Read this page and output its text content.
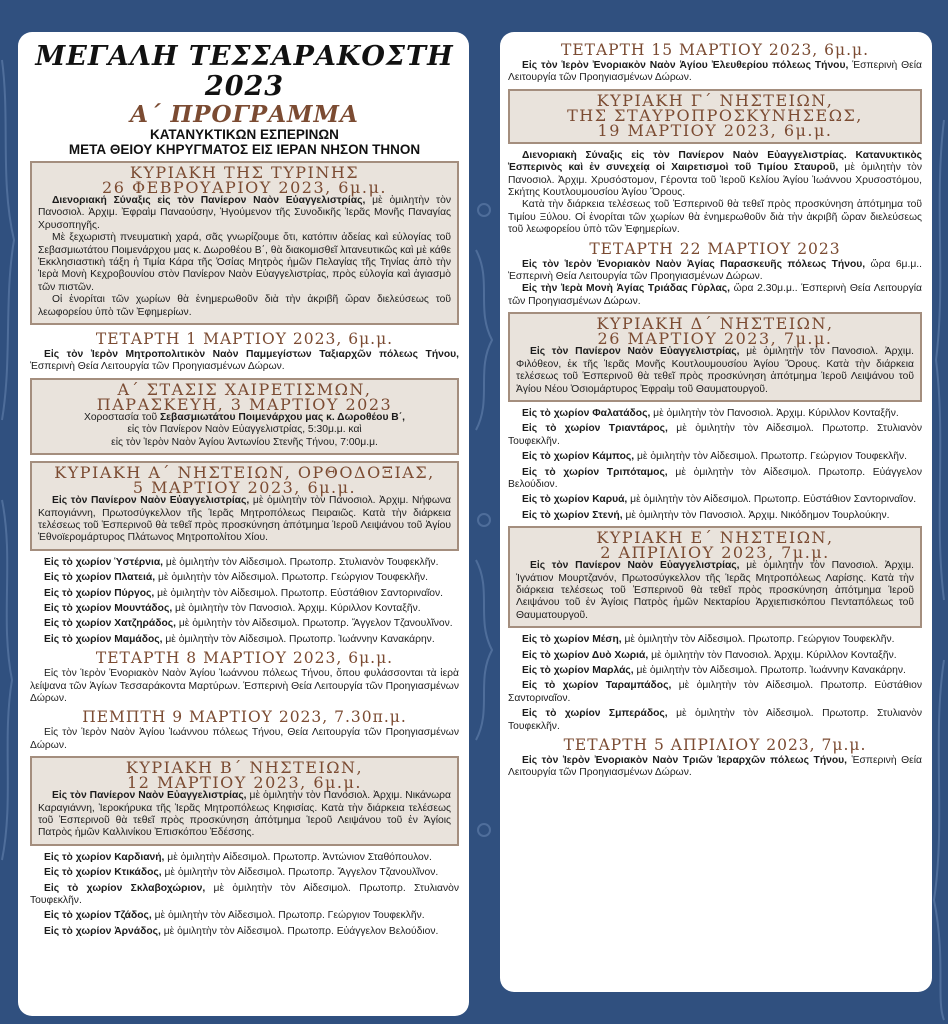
ΜΕΓΑΛΗ ΤΕΣΣΑΡΑΚΟΣΤΗ 2023
Α΄ ΠΡΟΓΡΑΜΜΑ
ΚΑΤΑΝΥΚΤΙΚΩΝ ΕΣΠΕΡΙΝΩΝ
ΜΕΤΑ ΘΕΙΟΥ ΚΗΡΥΓΜΑΤΟΣ ΕΙΣ ΙΕΡΑΝ ΝΗΣΟΝ ΤΗΝΟΝ
ΚΥΡΙΑΚΗ ΤΗΣ ΤΥΡΙΝΗΣ
26 ΦΕΒΡΟΥΑΡΙΟΥ 2023, 6μ.μ.

Διενοριακή Σύναξις εἰς τὸν Πανίερον Ναὸν Εὐαγγελιστρίας, μὲ ὁμιλητὴν τὸν Πανοσιολ. Ἀρχιμ. Ἐφραὶμ Παναούσην, Ἡγούμενον τῆς Συνοδικῆς Ἱερᾶς Μονῆς Παναγίας Χρυσοπηγῆς.

Μὲ ξεχωριστὴ πνευματικὴ χαρά, σᾶς γνωρίζουμε ὅτι, κατόπιν ἀδείας καὶ εὐλογίας τοῦ Σεβασμιωτάτου Ποιμενάρχου μας κ. Δωροθέου Β΄, θὰ διακομισθεῖ λιτανευτικῶς καὶ μὲ κάθε Ἐκκλησιαστικὴ τάξη ἡ Τιμία Κάρα τῆς Ὁσίας Μητρὸς ἡμῶν Πελαγίας τῆς Τηνίας ἀπὸ τὴν Ἱερὰ Μονὴ Κεχροβουνίου στὸν Πανίερον Ναὸν Εὐαγγελιστρίας, πρὸς εὐλογία καὶ ἁγιασμὸ τῶν πιστῶν.

Οἱ ἐνορίται τῶν χωρίων θὰ ἐνημερωθοῦν διὰ τὴν ἀκριβῆ ὥραν διελεύσεως τοῦ λεωφορείου ὑπὸ τῶν Ἐφημερίων.

ΤΕΤΑΡΤΗ 1 ΜΑΡΤΙΟΥ 2023, 6μ.μ.

Εἰς τὸν Ἱερὸν Μητροπολιτικὸν Ναὸν Παμμεγίστων Ταξιαρχῶν πόλεως Τήνου, Ἑσπερινὴ Θεία Λειτουργία τῶν Προηγιασμένων Δώρων.

Α΄ ΣΤΑΣΙΣ ΧΑΙΡΕΤΙΣΜΩΝ,
ΠΑΡΑΣΚΕΥΗ, 3 ΜΑΡΤΙΟΥ 2023

Χοροστασία τοῦ Σεβασμιωτάτου Ποιμενάρχου μας κ. Δωροθέου Β΄,

εἰς τὸν Πανίερον Ναὸν Εὐαγγελιστρίας, 5:30μ.μ. καὶ

εἰς τὸν Ἱερὸν Ναὸν Ἁγίου Ἀντωνίου Στενῆς Τήνου, 7:00μ.μ.

ΚΥΡΙΑΚΗ Α΄ ΝΗΣΤΕΙΩΝ, ΟΡΘΟΔΟΞΙΑΣ,
5 ΜΑΡΤΙΟΥ 2023, 6μ.μ.

Εἰς τὸν Πανίερον Ναὸν Εὐαγγελιστρίας, μὲ ὁμιλητὴν τὸν Πανοσιολ. Ἀρχιμ. Νήφωνα Καπογιάννη, Πρωτοσύγκελλον τῆς Ἱερᾶς Μητροπόλεως Πειραιῶς. Κατὰ τὴν διάρκεια τελέσεως τοῦ Ἑσπερινοῦ θὰ τεθεῖ πρὸς προσκύνηση ἀπότμημα Ἱεροῦ Λειψάνου τοῦ Ἁγίου Ἐθνοϊερομάρτυρος Πλάτωνος Μητροπολίτου Χίου.

Εἰς τὸ χωρίον Ὑστέρνια, μὲ ὁμιλητὴν τὸν Αἰδεσιμολ. Πρωτοπρ. Στυλιανὸν Τουφεκλῆν.

Εἰς τὸ χωρίον Πλατειά, μὲ ὁμιλητὴν τὸν Αἰδεσιμολ. Πρωτοπρ. Γεώργιον Τουφεκλῆν.

Εἰς τὸ χωρίον Πύργος, μὲ ὁμιλητὴν τὸν Αἰδεσιμολ. Πρωτοπρ. Εὐστάθιον Σαντοριναῖον.

Εἰς τὸ χωρίον Μουντάδος, μὲ ὁμιλητὴν τὸν Πανοσιολ. Ἀρχιμ. Κύριλλον Κονταξῆν.

Εἰς τὸ χωρίον Χατζηράδος, μὲ ὁμιλητὴν τὸν Αἰδεσιμολ. Πρωτοπρ. Ἄγγελον Τζανουλῖνον.

Εἰς τὸ χωρίον Μαμάδος, μὲ ὁμιλητὴν τὸν Αἰδεσιμολ. Πρωτοπρ. Ἰωάννην Κανακάρην.

ΤΕΤΑΡΤΗ 8 ΜΑΡΤΙΟΥ 2023, 6μ.μ.

Εἰς τὸν Ἱερὸν Ἐνοριακὸν Ναὸν Ἁγίου Ἰωάννου πόλεως Τήνου, ὅπου φυλάσσονται τὰ ἱερὰ λείψανα τῶν Ἁγίων Τεσσαράκοντα Μαρτύρων. Ἑσπερινὴ Θεία Λειτουργία τῶν Προηγιασμένων Δώρων.

ΠΕΜΠΤΗ 9 ΜΑΡΤΙΟΥ 2023, 7.30π.μ.

Εἰς τὸν Ἱερὸν Ναὸν Ἁγίου Ἰωάννου πόλεως Τήνου, Θεία Λειτουργία τῶν Προηγιασμένων Δώρων.

ΚΥΡΙΑΚΗ Β΄ ΝΗΣΤΕΙΩΝ,
12 ΜΑΡΤΙΟΥ 2023, 6μ.μ.

Εἰς τὸν Πανίερον Ναὸν Εὐαγγελιστρίας, μὲ ὁμιλητὴν τὸν Πανοσιολ. Ἀρχιμ. Νικάνωρα Καραγιάννη, Ἱεροκήρυκα τῆς Ἱερᾶς Μητροπόλεως Κηφισίας. Κατὰ τὴν διάρκεια τελέσεως τοῦ Ἑσπερινοῦ θὰ τεθεῖ πρὸς προσκύνηση ἀπότμημα Ἱεροῦ Λειψάνου τοῦ ἐν Ἁγίοις Πατρὸς ἡμῶν Καλλινίκου Ἐπισκόπου Ἐδέσσης.

Εἰς τὸ χωρίον Καρδιανή, μὲ ὁμιλητὴν Αἰδεσιμολ. Πρωτοπρ. Ἀντώνιον Σταθόπουλον.

Εἰς τὸ χωρίον Κτικάδος, μὲ ὁμιλητὴν τὸν Αἰδεσιμολ. Πρωτοπρ. Ἄγγελον Τζανουλῖνον.

Εἰς τὸ χωρίον Σκλαβοχώριον, μὲ ὁμιλητὴν τὸν Αἰδεσιμολ. Πρωτοπρ. Στυλιανὸν Τουφεκλῆν.

Εἰς τὸ χωρίον Τζάδος, μὲ ὁμιλητὴν τὸν Αἰδεσιμολ. Πρωτοπρ. Γεώργιον Τουφεκλῆν.

Εἰς τὸ χωρίον Ἀρνάδος, μὲ ὁμιλητὴν τὸν Αἰδεσιμολ. Πρωτοπρ. Εὐάγγελον Βελούδιον.

ΤΕΤΑΡΤΗ 15 ΜΑΡΤΙΟΥ 2023, 6μ.μ.

Εἰς τὸν Ἱερὸν Ἐνοριακὸν Ναὸν Ἁγίου Ἐλευθερίου πόλεως Τήνου, Ἑσπερινὴ Θεία Λειτουργία τῶν Προηγιασμένων Δώρων.

ΚΥΡΙΑΚΗ Γ΄ ΝΗΣΤΕΙΩΝ,
ΤΗΣ ΣΤΑΥΡΟΠΡΟΣΚΥΝΗΣΕΩΣ,
19 ΜΑΡΤΙΟΥ 2023, 6μ.μ.

Διενοριακὴ Σύναξις εἰς τὸν Πανίερον Ναὸν Εὐαγγελιστρίας. Κατανυκτικὸς Ἑσπερινὸς καὶ ἐν συνεχείᾳ οἱ Χαιρετισμοὶ τοῦ Τιμίου Σταυροῦ, μὲ ὁμιλητὴν τὸν Πανοσιολ. Ἀρχιμ. Χρυσόστομον, Γέροντα τοῦ Ἱεροῦ Κελίου Ἁγίου Ἰωάννου Χρυσοστόμου, Σκήτης Κουτλουμουσίου Ἁγίου Ὄρους.

Κατὰ τὴν διάρκεια τελέσεως τοῦ Ἑσπερινοῦ θὰ τεθεῖ πρὸς προσκύνηση ἀπότμημα τοῦ Τιμίου Ξύλου. Οἱ ἐνορίται τῶν χωρίων θὰ ἐνημερωθοῦν διὰ τὴν ἀκριβῆ ὥραν διελεύσεως τοῦ λεωφορείου ὑπὸ τῶν Ἐφημερίων.

ΤΕΤΑΡΤΗ 22 ΜΑΡΤΙΟΥ 2023

Εἰς τὸν Ἱερὸν Ἐνοριακὸν Ναὸν Ἁγίας Παρασκευῆς πόλεως Τήνου, ὥρα 6μ.μ.. Ἑσπερινὴ Θεία Λειτουργία τῶν Προηγιασμένων Δώρων.

Εἰς τὴν Ἱερὰ Μονὴ Ἁγίας Τριάδας Γύρλας, ὥρα 2.30μ.μ.. Ἑσπερινὴ Θεία Λειτουργία τῶν Προηγιασμένων Δώρων.

ΚΥΡΙΑΚΗ Δ΄ ΝΗΣΤΕΙΩΝ,
26 ΜΑΡΤΙΟΥ 2023, 7μ.μ.

Εἰς τὸν Πανίερον Ναὸν Εὐαγγελιστρίας, μὲ ὁμιλητὴν τὸν Πανοσιολ. Ἀρχιμ. Φιλόθεον, ἐκ τῆς Ἱερᾶς Μονῆς Κουτλουμουσίου Ἁγίου Ὄρους. Κατὰ τὴν διάρκεια τελέσεως τοῦ Ἑσπερινοῦ θὰ τεθεῖ πρὸς προσκύνηση ἀπότμημα Ἱεροῦ Λειψάνου τοῦ Ἁγίου Νέου Ὁσιομάρτυρος Ἐφραὶμ τοῦ Θαυματουργοῦ.

Εἰς τὸ χωρίον Φαλατάδος, μὲ ὁμιλητὴν τὸν Πανοσιολ. Ἀρχιμ. Κύριλλον Κονταξῆν.

Εἰς τὸ χωρίον Τριαντάρος, μὲ ὁμιλητὴν τὸν Αἰδεσιμολ. Πρωτοπρ. Στυλιανὸν Τουφεκλῆν.

Εἰς τὸ χωρίον Κάμπος, μὲ ὁμιλητὴν τὸν Αἰδεσιμολ. Πρωτοπρ. Γεώργιον Τουφεκλῆν.

Εἰς τὸ χωρίον Τριπόταμος, μὲ ὁμιλητὴν τὸν Αἰδεσιμολ. Πρωτοπρ. Εὐάγγελον Βελούδιον.

Εἰς τὸ χωρίον Καρυά, μὲ ὁμιλητὴν τὸν Αἰδεσιμολ. Πρωτοπρ. Εὐστάθιον Σαντοριναῖον.

Εἰς τὸ χωρίον Στενή, μὲ ὁμιλητὴν τὸν Πανοσιολ. Ἀρχιμ. Νικόδημον Τουρλούκην.

ΚΥΡΙΑΚΗ Ε΄ ΝΗΣΤΕΙΩΝ,
2 ΑΠΡΙΛΙΟΥ 2023, 7μ.μ.

Εἰς τὸν Πανίερον Ναὸν Εὐαγγελιστρίας, μὲ ὁμιλητὴν τὸν Πανοσιολ. Ἀρχιμ. Ἰγνάτιον Μουρτζανόν, Πρωτοσύγκελλον τῆς Ἱερᾶς Μητροπόλεως Λαρίσης. Κατὰ τὴν διάρκεια τελέσεως τοῦ Ἑσπερινοῦ θὰ τεθεῖ πρὸς προσκύνηση ἀπότμημα Ἱεροῦ Λειψάνου τοῦ ἐν Ἁγίοις Πατρὸς ἡμῶν Νεκταρίου Ἀρχιεπισκόπου Πενταπόλεως τοῦ Θαυματουργοῦ.

Εἰς τὸ χωρίον Μέση, μὲ ὁμιλητὴν τὸν Αἰδεσιμολ. Πρωτοπρ. Γεώργιον Τουφεκλῆν.

Εἰς τὸ χωρίον Δυὸ Χωριά, μὲ ὁμιλητὴν τὸν Πανοσιολ. Ἀρχιμ. Κύριλλον Κονταξῆν.

Εἰς τὸ χωρίον Μαρλάς, μὲ ὁμιλητὴν τὸν Αἰδεσιμολ. Πρωτοπρ. Ἰωάννην Κανακάρην.

Εἰς τὸ χωρίον Ταραμπάδος, μὲ ὁμιλητὴν τὸν Αἰδεσιμολ. Πρωτοπρ. Εὐστάθιον Σαντοριναῖον.

Εἰς τὸ χωρίον Σμπεράδος, μὲ ὁμιλητὴν τὸν Αἰδεσιμολ. Πρωτοπρ. Στυλιανὸν Τουφεκλῆν.

ΤΕΤΑΡΤΗ 5 ΑΠΡΙΛΙΟΥ 2023, 7μ.μ.

Εἰς τὸν Ἱερὸν Ἐνοριακὸν Ναὸν Τριῶν Ἱεραρχῶν πόλεως Τήνου, Ἑσπερινὴ Θεία Λειτουργία τῶν Προηγιασμένων Δώρων.
